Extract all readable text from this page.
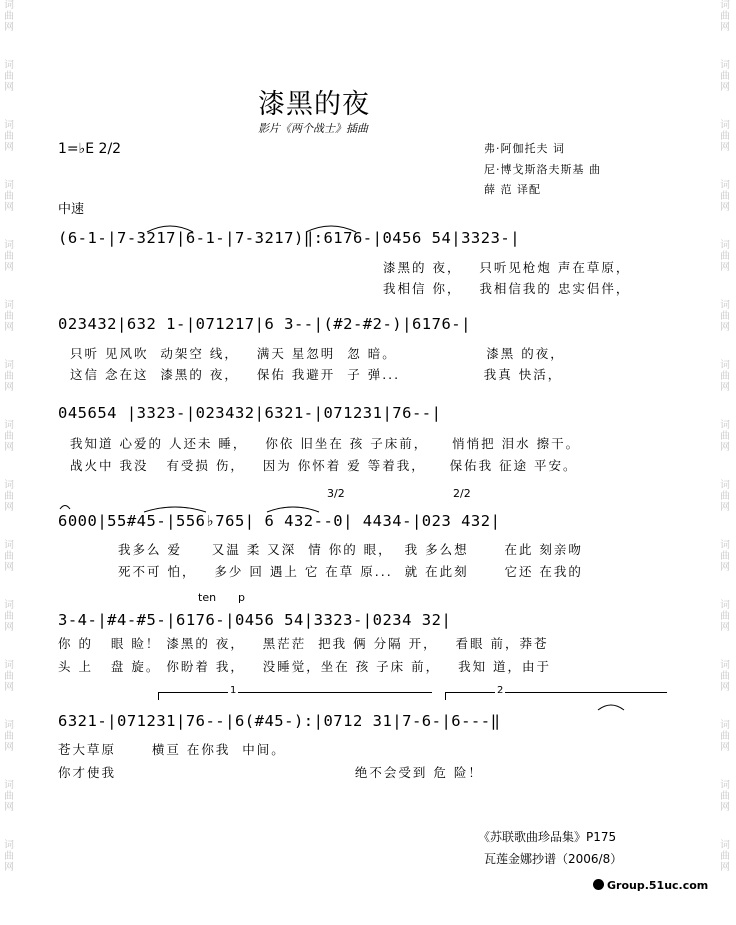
词曲网
词曲网
词曲网
词曲网
词曲网
词曲网
词曲网
词曲网
词曲网
词曲网
词曲网
词曲网
词曲网
词曲网
词曲网
词曲网
词曲网
词曲网
词曲网
词曲网
词曲网
词曲网
词曲网
词曲网
词曲网
词曲网
词曲网
词曲网
词曲网
词曲网
漆黑的夜
影片《两个战士》插曲
1=♭E 2/2	弗·阿伽托夫 词
尼·博戈斯洛夫斯基 曲
薛 范 译配
中速
(6-1-|7-3217|6-1-|7-3217)‖:6176-|0456 54|3323-|
漆黑的 夜，   只听见枪炮 声在草原，
我相信 你，   我相信我的 忠实侣伴，
023432|632 1-|071217|6 3--|(#2-#2-)|6176-|
只听 见风吹  动架空 线，   满天 星忽明  忽 暗。               漆黑 的夜，
这信 念在这  漆黑的 夜，   保佑 我避开  子 弹...              我真 快活，
045654 |3323-|023432|6321-|071231|76--|
我知道 心爱的 人还未 睡，   你依 旧坐在 孩 子床前，    悄悄把 泪水 擦干。
战火中 我没   有受损 伤，   因为 你怀着 爱 等着我，    保佑我 征途 平安。
3/2	2/2
6000|55#45-|556♭765| 6 432--0| 4434-|023 432|
我多么 爱     又温 柔 又深  情 你的 眼，  我 多么想      在此 刻亲吻
死不可 怕，   多少 回 遇上 它 在草 原...  就 在此刻      它还 在我的
ten p
3-4-|#4-#5-|6176-|0456 54|3323-|0234 32|
你 的   眼 睑！ 漆黑的 夜，   黑茫茫  把我 俩 分隔 开，   看眼 前，莽苍
头 上   盘 旋。 你盼着 我，   没睡觉，坐在 孩 子床 前，   我知 道，由于
1	2
6321-|071231|76--|6(#45-):|0712 31|7-6-|6---‖
苍大草原      横亘 在你我  中间。
你才使我                                        绝不会受到 危 险！
《苏联歌曲珍品集》P175
瓦莲金娜抄谱（2006/8）
Group.51uc.com
